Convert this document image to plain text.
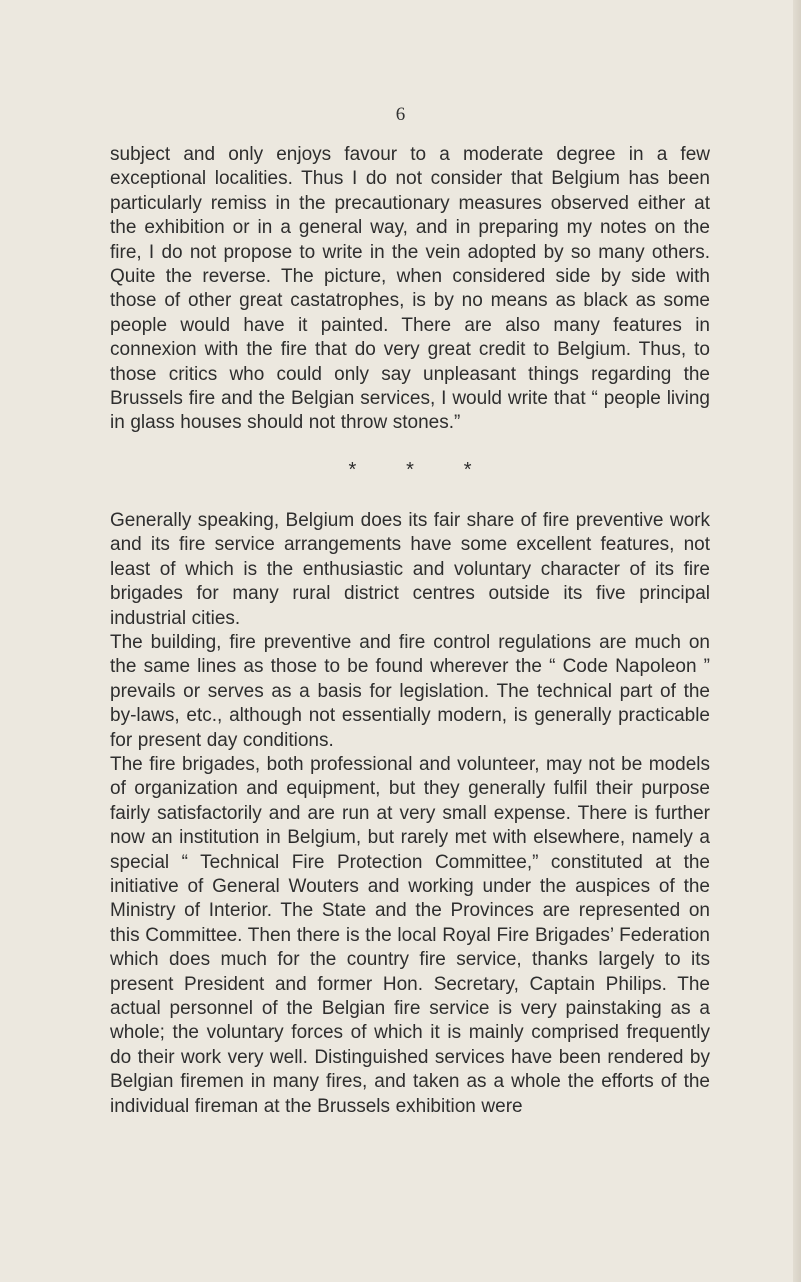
6

subject and only enjoys favour to a moderate degree in a few exceptional localities. Thus I do not consider that Belgium has been particularly remiss in the precautionary measures observed either at the exhibition or in a general way, and in preparing my notes on the fire, I do not propose to write in the vein adopted by so many others. Quite the reverse. The picture, when considered side by side with those of other great castatrophes, is by no means as black as some people would have it painted. There are also many features in connexion with the fire that do very great credit to Belgium. Thus, to those critics who could only say unpleasant things regarding the Brussels fire and the Belgian services, I would write that “ people living in glass houses should not throw stones.”

* * *

Generally speaking, Belgium does its fair share of fire preventive work and its fire service arrangements have some excellent features, not least of which is the enthusiastic and voluntary character of its fire brigades for many rural district centres outside its five principal industrial cities.

The building, fire preventive and fire control regulations are much on the same lines as those to be found wherever the “ Code Napoleon ” prevails or serves as a basis for legislation. The technical part of the by-laws, etc., although not essentially modern, is generally practicable for present day conditions.

The fire brigades, both professional and volunteer, may not be models of organization and equipment, but they generally fulfil their purpose fairly satisfactorily and are run at very small expense. There is further now an institution in Belgium, but rarely met with elsewhere, namely a special “ Technical Fire Protection Committee,” constituted at the initiative of General Wouters and working under the auspices of the Ministry of Interior. The State and the Provinces are represented on this Committee. Then there is the local Royal Fire Brigades’ Federation which does much for the country fire service, thanks largely to its present President and former Hon. Secretary, Captain Philips. The actual personnel of the Belgian fire service is very painstaking as a whole; the voluntary forces of which it is mainly comprised frequently do their work very well. Distinguished services have been rendered by Belgian firemen in many fires, and taken as a whole the efforts of the individual fireman at the Brussels exhibition were
